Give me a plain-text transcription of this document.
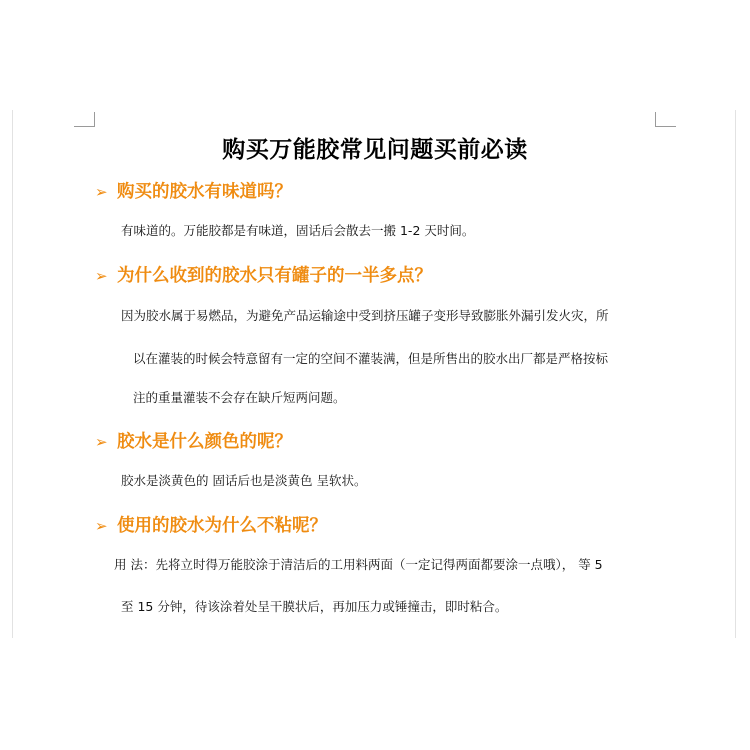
购买万能胶常见问题买前必读
➢ 购买的胶水有味道吗？
有味道的。万能胶都是有味道，固话后会散去一搬 1-2 天时间。
➢ 为什么收到的胶水只有罐子的一半多点？
因为胶水属于易燃品，为避免产品运输途中受到挤压罐子变形导致膨胀外漏引发火灾，所
以在灌装的时候会特意留有一定的空间不灌装满，但是所售出的胶水出厂都是严格按标
注的重量灌装不会存在缺斤短两问题。
➢ 胶水是什么颜色的呢？
胶水是淡黄色的 固话后也是淡黄色 呈软状。
➢ 使用的胶水为什么不粘呢？
用 法：先将立时得万能胶涂于清洁后的工用料两面（一定记得两面都要涂一点哦）， 等 5
至 15 分钟，待该涂着处呈干膜状后，再加压力或锤撞击，即时粘合。
